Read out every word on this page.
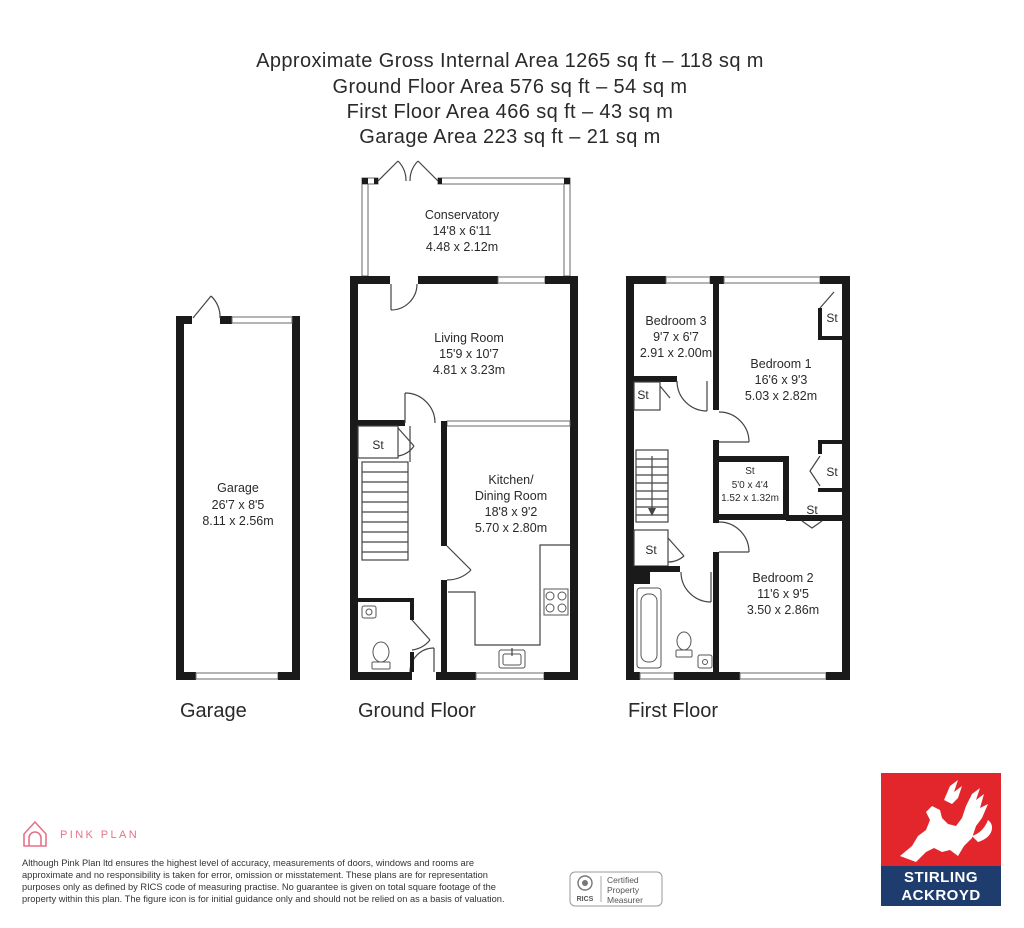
Approximate Gross Internal Area 1265 sq ft – 118 sq m
Ground Floor Area 576 sq ft – 54 sq m
First Floor Area 466 sq ft – 43 sq m
Garage Area 223 sq ft – 21 sq m
Garage
26'7 x 8'5
8.11 x 2.56m
Garage
Conservatory
14'8 x 6'11
4.48 x 2.12m
Living Room
15'9 x 10'7
4.81 x 3.23m
St
Kitchen/
Dining Room
18'8 x 9'2
5.70 x 2.80m
Ground Floor
St
Bedroom 3
9'7 x 6'7
2.91 x 2.00m
St
Bedroom 1
16'6 x 9'3
5.03 x 2.82m
St
St
5'0 x 4'4
1.52 x 1.32m
St
Bedroom 2
11'6 x 9'5
3.50 x 2.86m
St
First Floor
PINK PLAN
Although Pink Plan ltd ensures the highest level of accuracy, measurements of doors, windows and rooms are
approximate and no responsibility is taken for error, omission or misstatement. These plans are for representation
purposes only as defined by RICS code of measuring practise. No guarantee is given on total square footage of the
property within this plan. The figure icon is for initial guidance only and should not be relied on as a basis of valuation.	RICS
Certified
Property
Measurer
STIRLING
ACKROYD
